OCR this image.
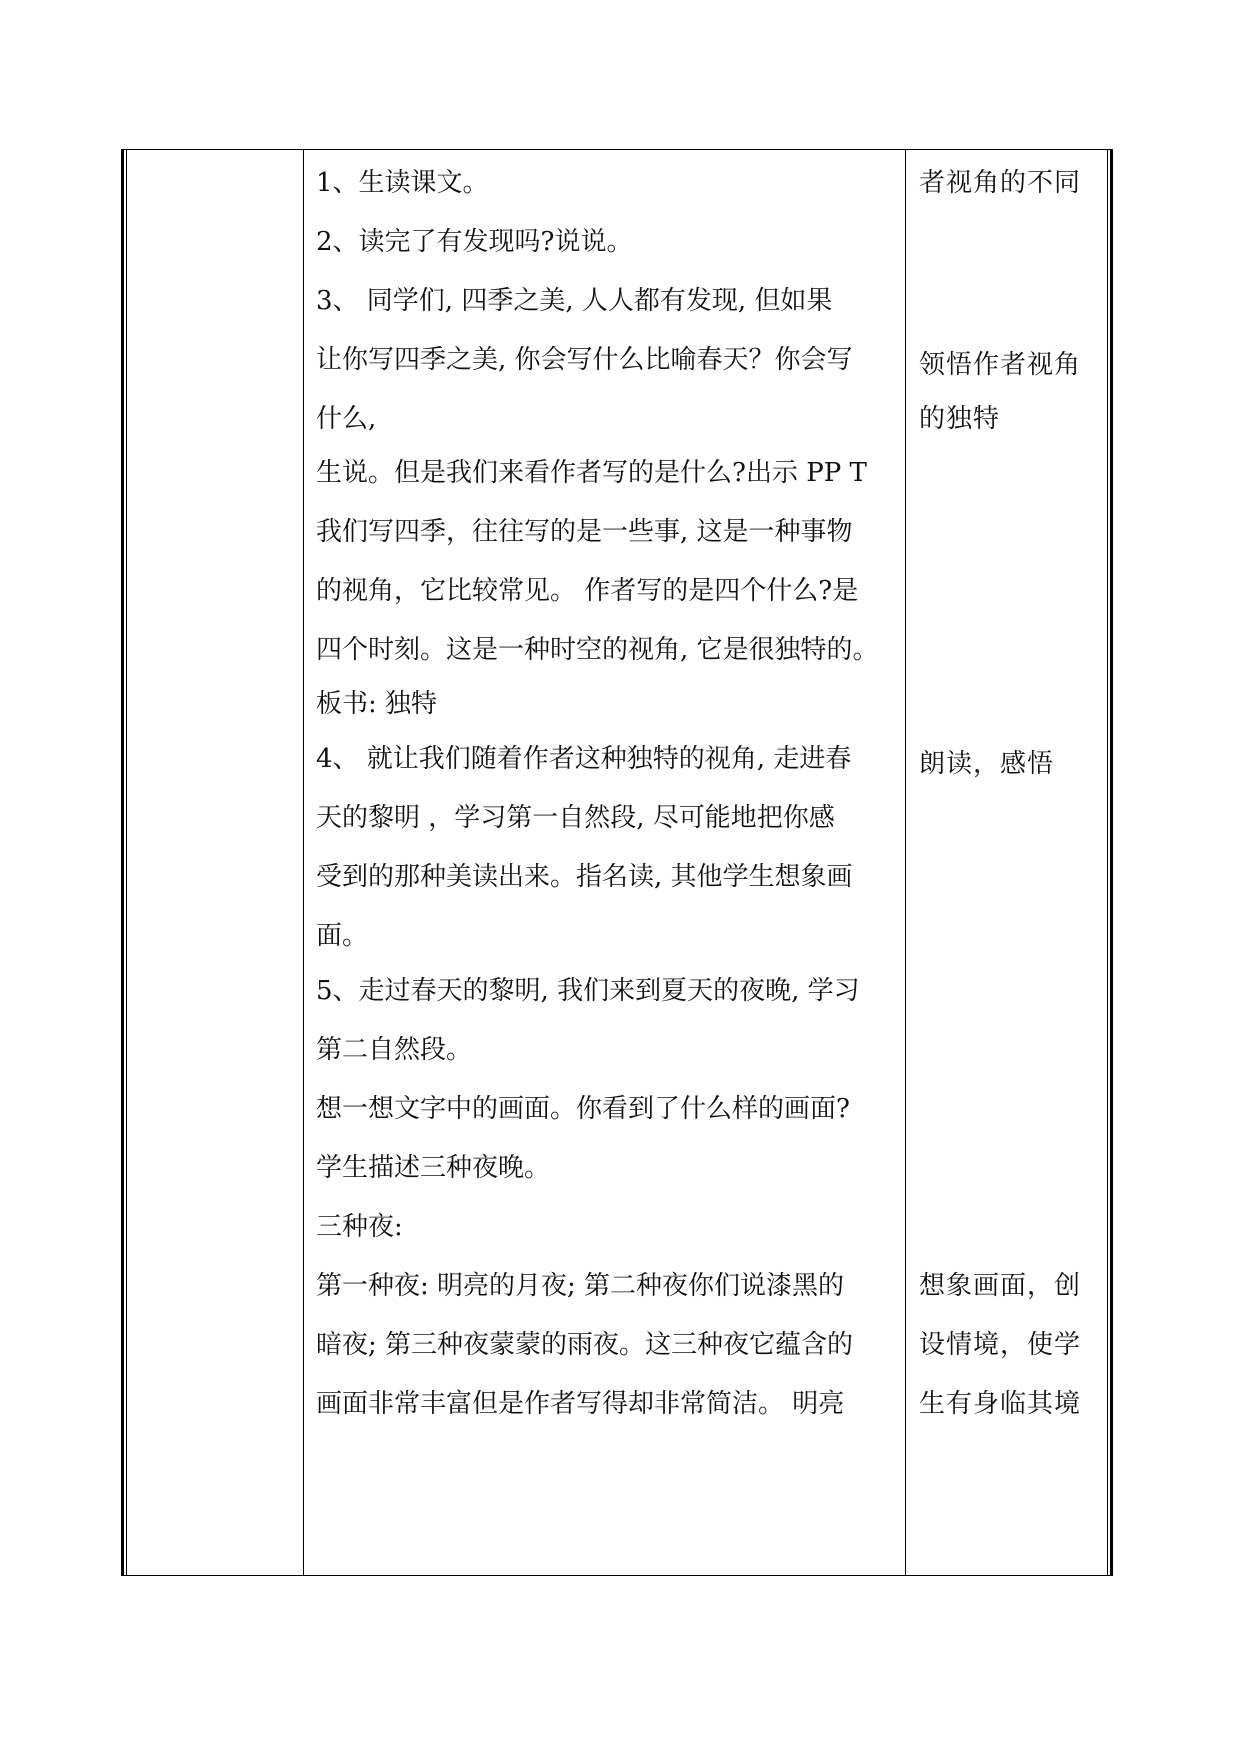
1、生读课文。
2、读完了有发现吗?说说。
3、 同学们, 四季之美, 人人都有发现, 但如果
让你写四季之美, 你会写什么比喻春天？你会写
什么,
生说。但是我们来看作者写的是什么?出示 PP T
我们写四季，往往写的是一些事, 这是一种事物
的视角，它比较常见。 作者写的是四个什么?是
四个时刻。这是一种时空的视角, 它是很独特的。
板书: 独特
4、 就让我们随着作者这种独特的视角, 走进春
天的黎明 ，学习第一自然段, 尽可能地把你感
受到的那种美读出来。指名读, 其他学生想象画
面。
5、走过春天的黎明, 我们来到夏天的夜晚, 学习
第二自然段。
想一想文字中的画面。你看到了什么样的画面?
学生描述三种夜晚。
三种夜:
第一种夜: 明亮的月夜; 第二种夜你们说漆黑的
暗夜; 第三种夜蒙蒙的雨夜。这三种夜它蕴含的
画面非常丰富但是作者写得却非常简洁。 明亮
者视角的不同
领悟作者视角
的独特
朗读，感悟
想象画面，创
设情境，使学
生有身临其境
